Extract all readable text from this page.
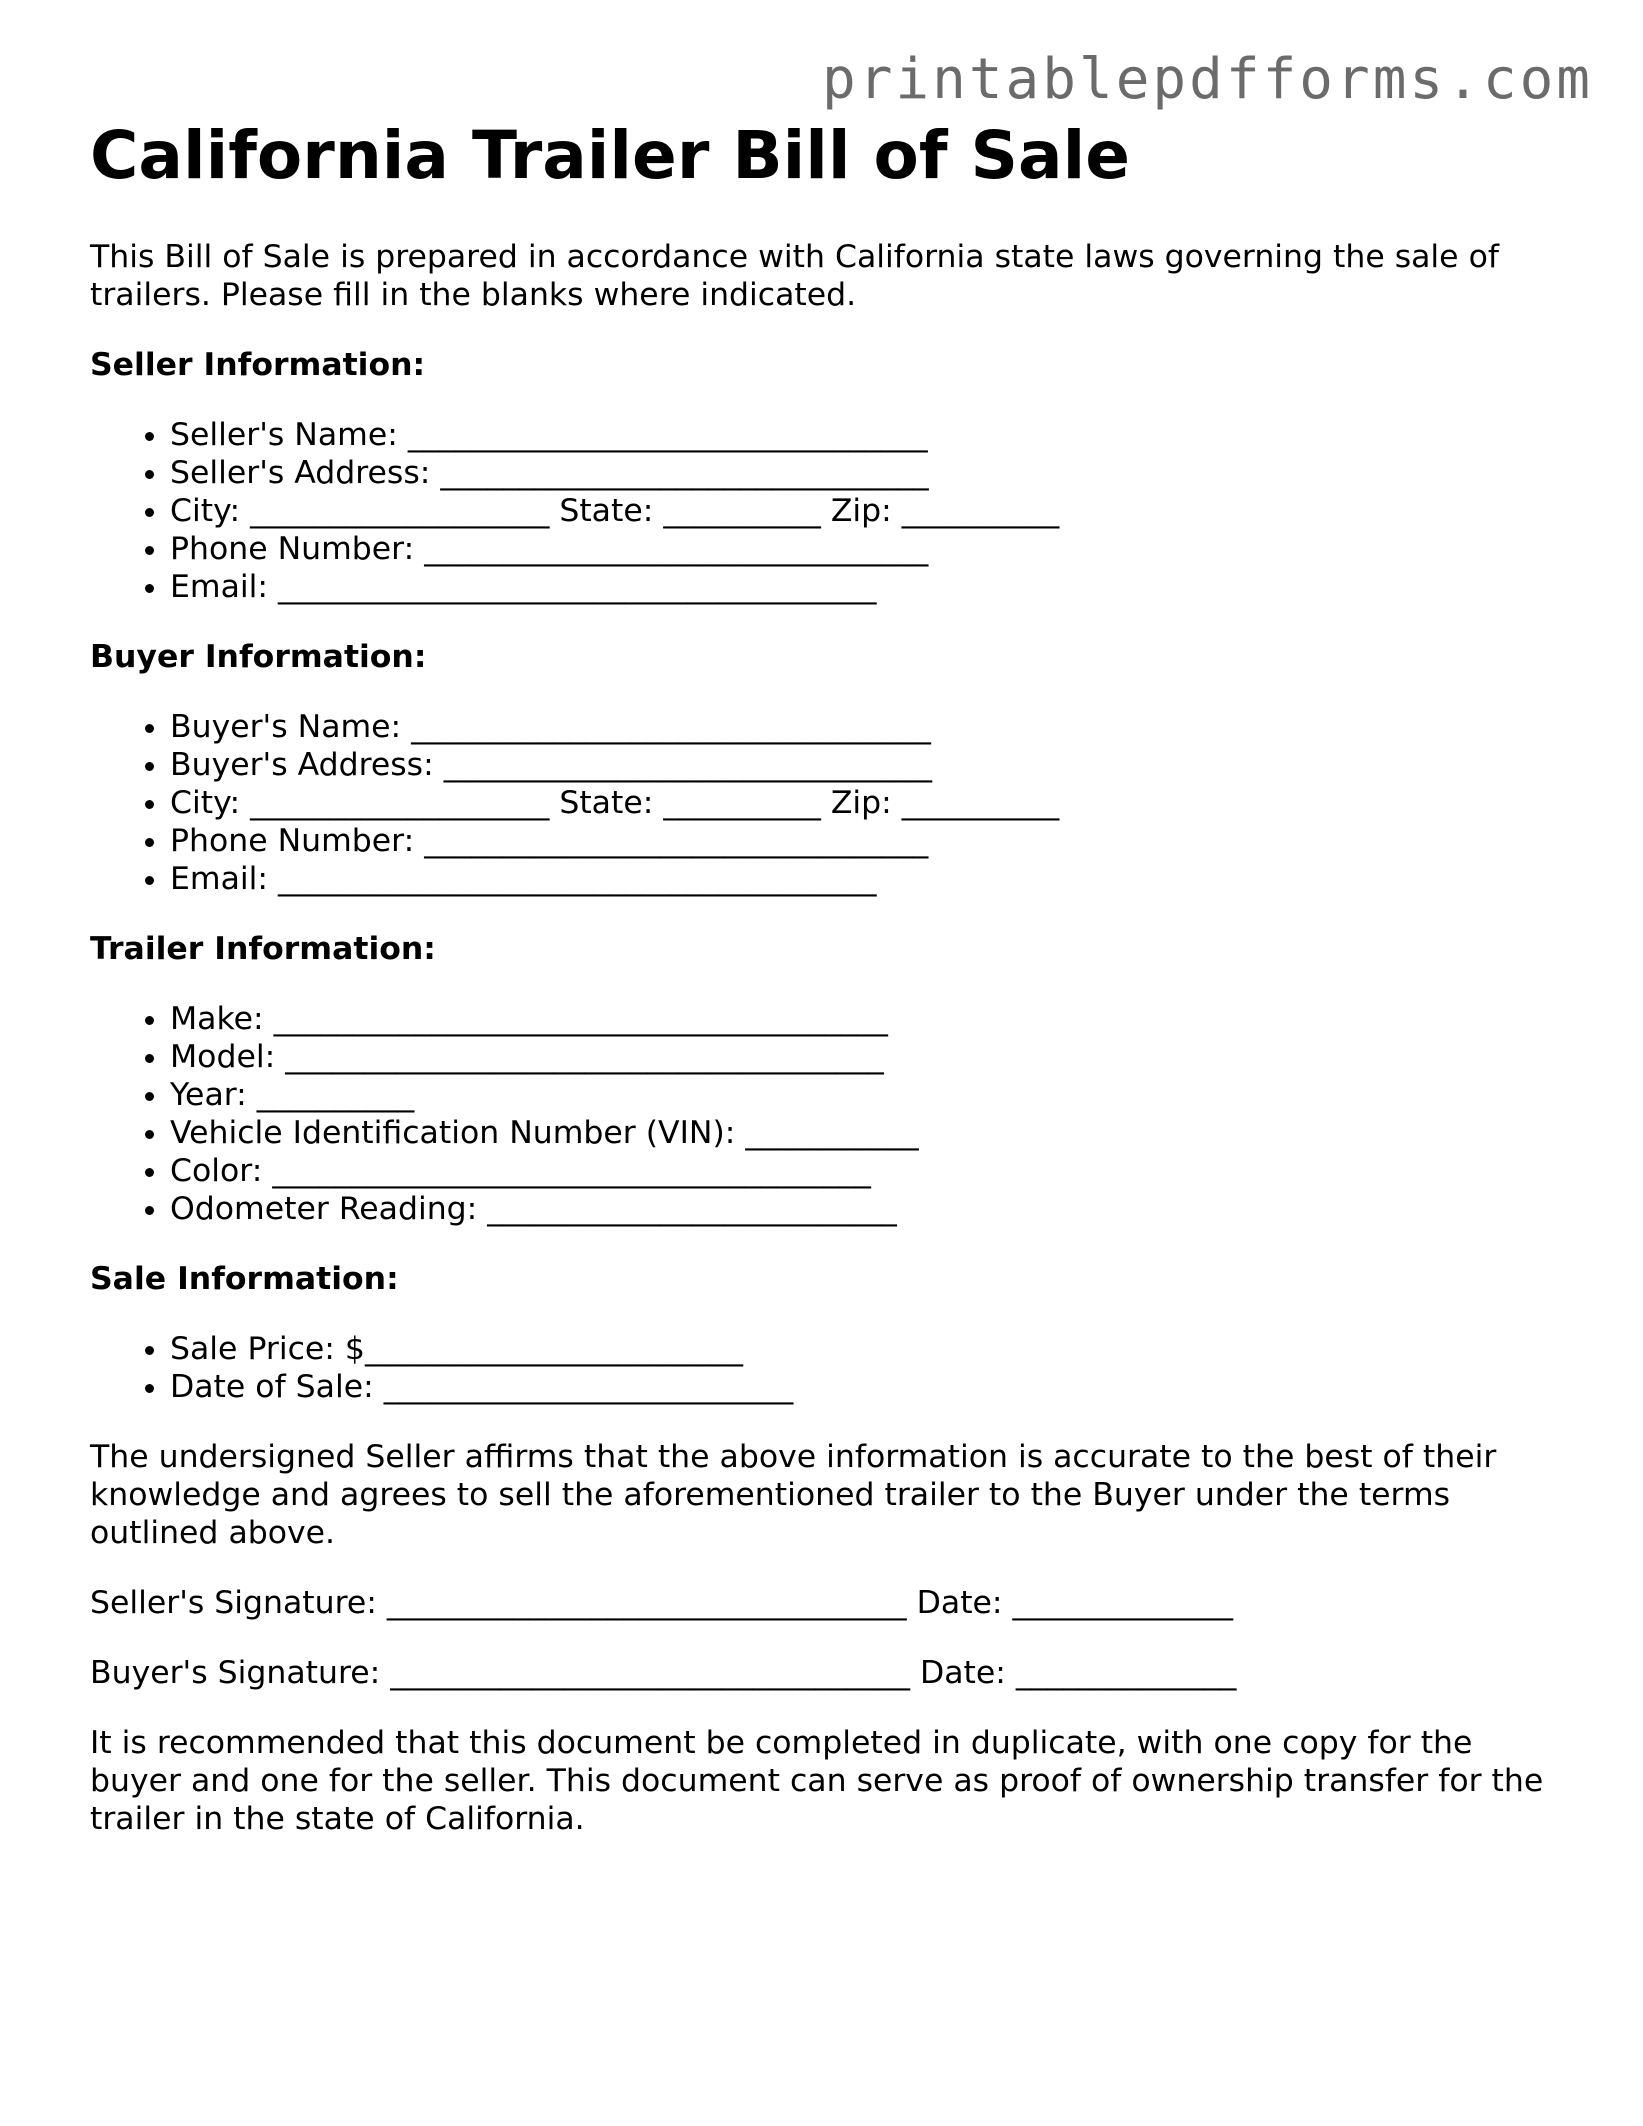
printablepdfforms.com
California Trailer Bill of Sale

This Bill of Sale is prepared in accordance with California state laws governing the sale of trailers. Please fill in the blanks where indicated.

Seller Information:
• Seller's Name: _________________________________
• Seller's Address: _______________________________
• City: ___________________ State: __________ Zip: __________
• Phone Number: ________________________________
• Email: ______________________________________
Buyer Information:
• Buyer's Name: _________________________________
• Buyer's Address: _______________________________
• City: ___________________ State: __________ Zip: __________
• Phone Number: ________________________________
• Email: ______________________________________
Trailer Information:
• Make: _______________________________________
• Model: ______________________________________
• Year: __________
• Vehicle Identification Number (VIN): ___________
• Color: ______________________________________
• Odometer Reading: __________________________
Sale Information:
• Sale Price: $________________________
• Date of Sale: __________________________

The undersigned Seller affirms that the above information is accurate to the best of their knowledge and agrees to sell the aforementioned trailer to the Buyer under the terms outlined above.

Seller's Signature: _________________________________ Date: ______________

Buyer's Signature: _________________________________ Date: ______________

It is recommended that this document be completed in duplicate, with one copy for the buyer and one for the seller. This document can serve as proof of ownership transfer for the trailer in the state of California.
